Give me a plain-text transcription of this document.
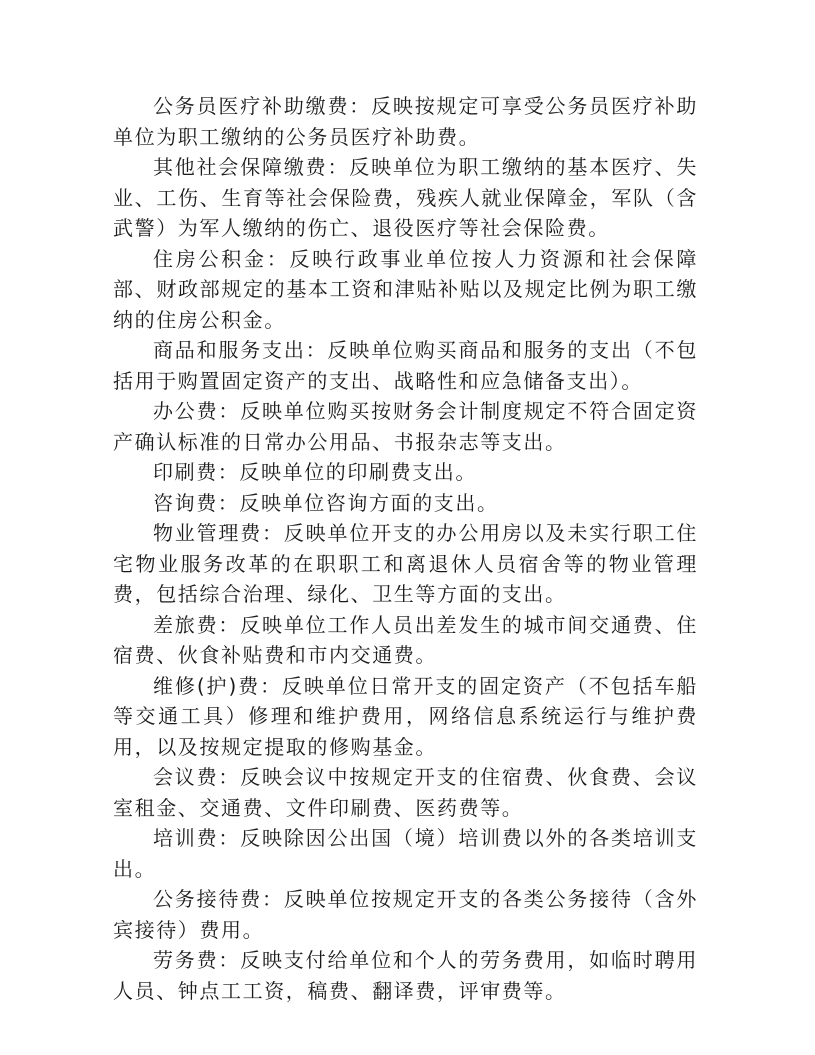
公务员医疗补助缴费：反映按规定可享受公务员医疗补助单位为职工缴纳的公务员医疗补助费。

其他社会保障缴费：反映单位为职工缴纳的基本医疗、失业、工伤、生育等社会保险费，残疾人就业保障金，军队（含武警）为军人缴纳的伤亡、退役医疗等社会保险费。

住房公积金：反映行政事业单位按人力资源和社会保障部、财政部规定的基本工资和津贴补贴以及规定比例为职工缴纳的住房公积金。

商品和服务支出：反映单位购买商品和服务的支出（不包括用于购置固定资产的支出、战略性和应急储备支出）。

办公费：反映单位购买按财务会计制度规定不符合固定资产确认标准的日常办公用品、书报杂志等支出。

印刷费：反映单位的印刷费支出。

咨询费：反映单位咨询方面的支出。

物业管理费：反映单位开支的办公用房以及未实行职工住宅物业服务改革的在职职工和离退休人员宿舍等的物业管理费，包括综合治理、绿化、卫生等方面的支出。

差旅费：反映单位工作人员出差发生的城市间交通费、住宿费、伙食补贴费和市内交通费。

维修(护)费：反映单位日常开支的固定资产（不包括车船等交通工具）修理和维护费用，网络信息系统运行与维护费用，以及按规定提取的修购基金。

会议费：反映会议中按规定开支的住宿费、伙食费、会议室租金、交通费、文件印刷费、医药费等。

培训费：反映除因公出国（境）培训费以外的各类培训支出。

公务接待费：反映单位按规定开支的各类公务接待（含外宾接待）费用。

劳务费：反映支付给单位和个人的劳务费用，如临时聘用人员、钟点工工资，稿费、翻译费，评审费等。
